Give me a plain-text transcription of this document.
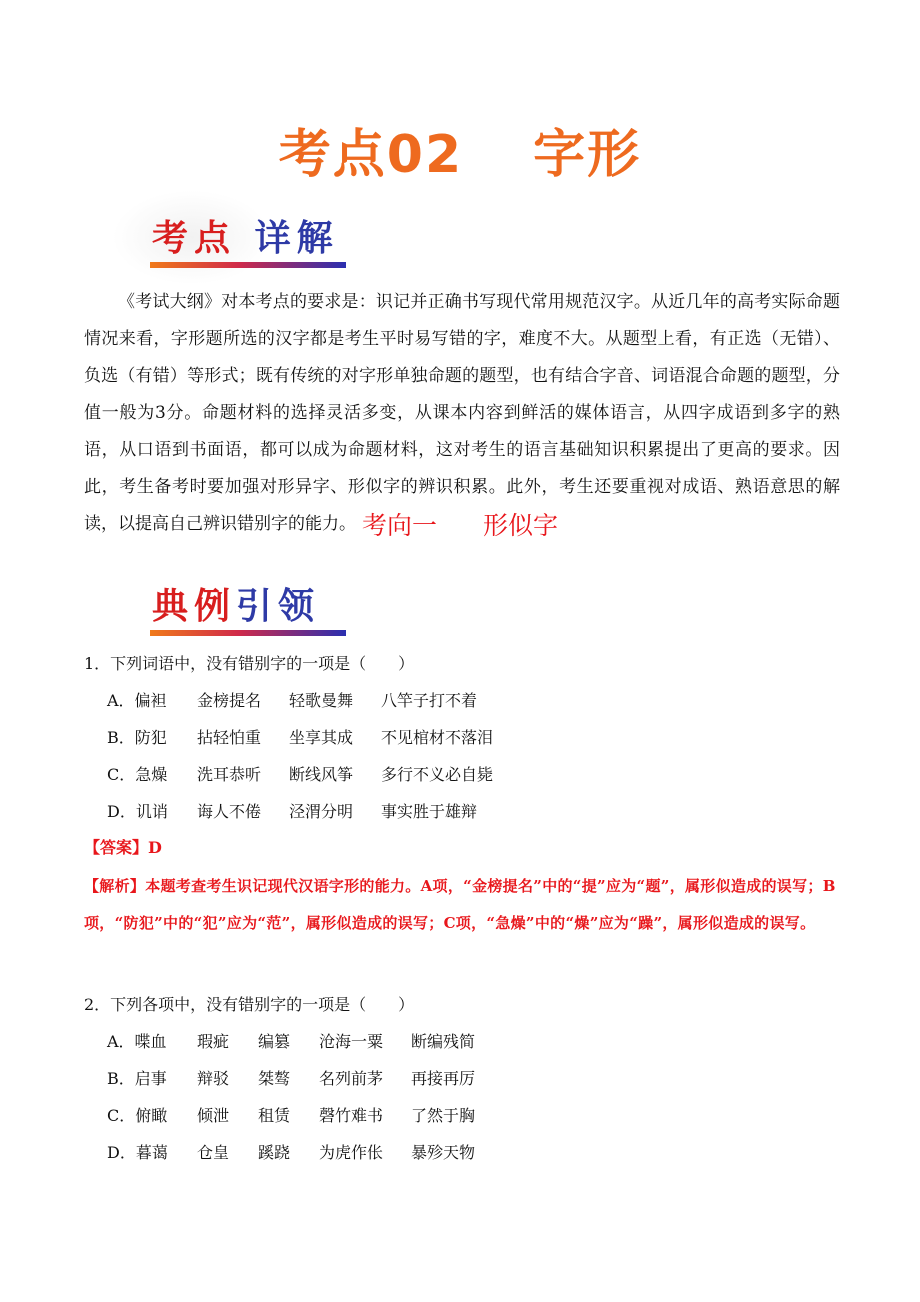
考点02 字形
考点 详解
《考试大纲》对本考点的要求是：识记并正确书写现代常用规范汉字。从近几年的高考实际命题情况来看，字形题所选的汉字都是考生平时易写错的字，难度不大。从题型上看，有正选（无错）、负选（有错）等形式；既有传统的对字形单独命题的题型，也有结合字音、词语混合命题的题型，分值一般为3分。命题材料的选择灵活多变，从课本内容到鲜活的媒体语言，从四字成语到多字的熟语，从口语到书面语，都可以成为命题材料，这对考生的语言基础知识积累提出了更高的要求。因此，考生备考时要加强对形异字、形似字的辨识积累。此外，考生还要重视对成语、熟语意思的解读，以提高自己辨识错别字的能力。 考向一 形似字
典例引领
1．下列词语中，没有错别字的一项是（　　）
A．偏袒 金榜提名 轻歌曼舞 八竿子打不着
B．防犯 拈轻怕重 坐享其成 不见棺材不落泪
C．急燥 洗耳恭听 断线风筝 多行不义必自毙
D．讥诮 诲人不倦 泾渭分明 事实胜于雄辩
【答案】D
【解析】本题考查考生识记现代汉语字形的能力。A项，“金榜提名”中的“提”应为“题”，属形似造成的误写；B项，“防犯”中的“犯”应为“范”，属形似造成的误写；C项，“急燥”中的“燥”应为“躁”，属形似造成的误写。
2．下列各项中，没有错别字的一项是（　　）
A．喋血 瑕疵 编篡 沧海一粟 断编残简
B．启事 辩驳 桀骜 名列前茅 再接再厉
C．俯瞰 倾泄 租赁 磬竹难书 了然于胸
D．暮蔼 仓皇 蹊跷 为虎作伥 暴殄天物
